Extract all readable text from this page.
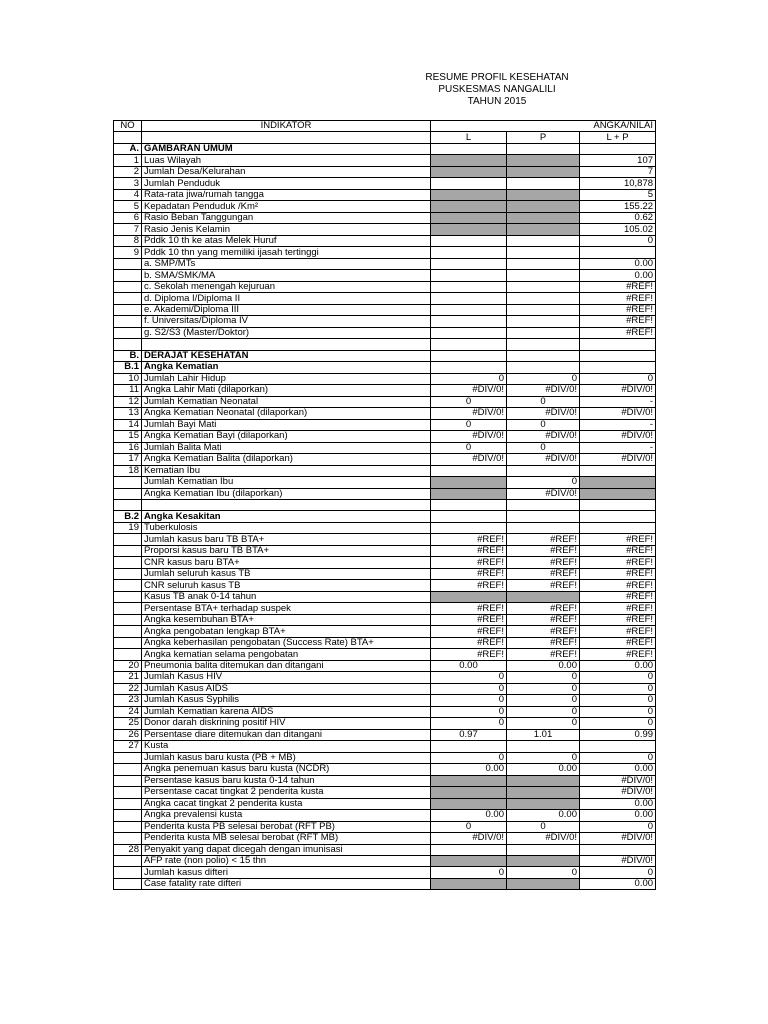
RESUME PROFIL KESEHATAN
PUSKESMAS NANGALILI
TAHUN 2015
NO	INDIKATOR	ANGKA/NILAI		
		L	P	L + P
A.	GAMBARAN UMUM			
1	Luas Wilayah			107
2	Jumlah Desa/Kelurahan			7
3	Jumlah Penduduk			10,878
4	Rata-rata jiwa/rumah tangga			5
5	Kepadatan Penduduk /Km²			155.22
6	Rasio Beban Tanggungan			0.62
7	Rasio Jenis Kelamin			105.02
8	Pddk 10 th ke atas Melek Huruf			0
9	Pddk 10 thn yang memiliki ijasah tertinggi			
	a. SMP/MTs			0.00
	b. SMA/SMK/MA			0.00
	c. Sekolah menengah kejuruan			#REF!
	d. Diploma I/Diploma II			#REF!
	e. Akademi/Diploma III			#REF!
	f. Universitas/Diploma IV			#REF!
	g. S2/S3 (Master/Doktor)			#REF!

B.	DERAJAT KESEHATAN			
B.1	Angka Kematian			
10	Jumlah Lahir Hidup	0	0	0
11	Angka Lahir Mati (dilaporkan)	#DIV/0!	#DIV/0!	#DIV/0!
12	Jumlah Kematian Neonatal	0	0	-
13	Angka Kematian Neonatal (dilaporkan)	#DIV/0!	#DIV/0!	#DIV/0!
14	Jumlah Bayi Mati	0	0	-
15	Angka Kematian Bayi (dilaporkan)	#DIV/0!	#DIV/0!	#DIV/0!
16	Jumlah Balita Mati	0	0	-
17	Angka Kematian Balita (dilaporkan)	#DIV/0!	#DIV/0!	#DIV/0!
18	Kematian Ibu			
	Jumlah Kematian Ibu		0	
	Angka Kematian Ibu (dilaporkan)		#DIV/0!	

B.2	Angka Kesakitan			
19	Tuberkulosis			
	Jumlah kasus baru TB BTA+	#REF!	#REF!	#REF!
	Proporsi kasus baru TB BTA+	#REF!	#REF!	#REF!
	CNR kasus baru BTA+	#REF!	#REF!	#REF!
	Jumlah seluruh kasus TB	#REF!	#REF!	#REF!
	CNR seluruh kasus TB	#REF!	#REF!	#REF!
	Kasus TB anak 0-14 tahun			#REF!
	Persentase BTA+ terhadap suspek	#REF!	#REF!	#REF!
	Angka kesembuhan BTA+	#REF!	#REF!	#REF!
	Angka pengobatan lengkap BTA+	#REF!	#REF!	#REF!
	Angka keberhasilan pengobatan (Success Rate) BTA+	#REF!	#REF!	#REF!
	Angka kematian selama pengobatan	#REF!	#REF!	#REF!
20	Pneumonia balita ditemukan dan ditangani	0.00	0.00	0.00
21	Jumlah Kasus HIV	0	0	0
22	Jumlah Kasus AIDS	0	0	0
23	Jumlah Kasus Syphilis	0	0	0
24	Jumlah Kematian karena AIDS	0	0	0
25	Donor darah diskrining positif HIV	0	0	0
26	Persentase diare ditemukan dan ditangani	0.97	1.01	0.99
27	Kusta			
	Jumlah kasus baru kusta (PB + MB)	0	0	0
	Angka penemuan kasus baru kusta (NCDR)	0.00	0.00	0.00
	Persentase kasus baru kusta 0-14 tahun			#DIV/0!
	Persentase cacat tingkat 2 penderita kusta			#DIV/0!
	Angka cacat tingkat 2 penderita kusta			0.00
	Angka prevalensi kusta	0.00	0.00	0.00
	Penderita kusta PB selesai berobat (RFT PB)	0	0	0
	Penderita kusta MB selesai berobat (RFT MB)	#DIV/0!	#DIV/0!	#DIV/0!
28	Penyakit yang dapat dicegah dengan imunisasi			
	AFP rate (non polio) < 15 thn			#DIV/0!
	Jumlah kasus difteri	0	0	0
	Case fatality rate difteri			0.00
